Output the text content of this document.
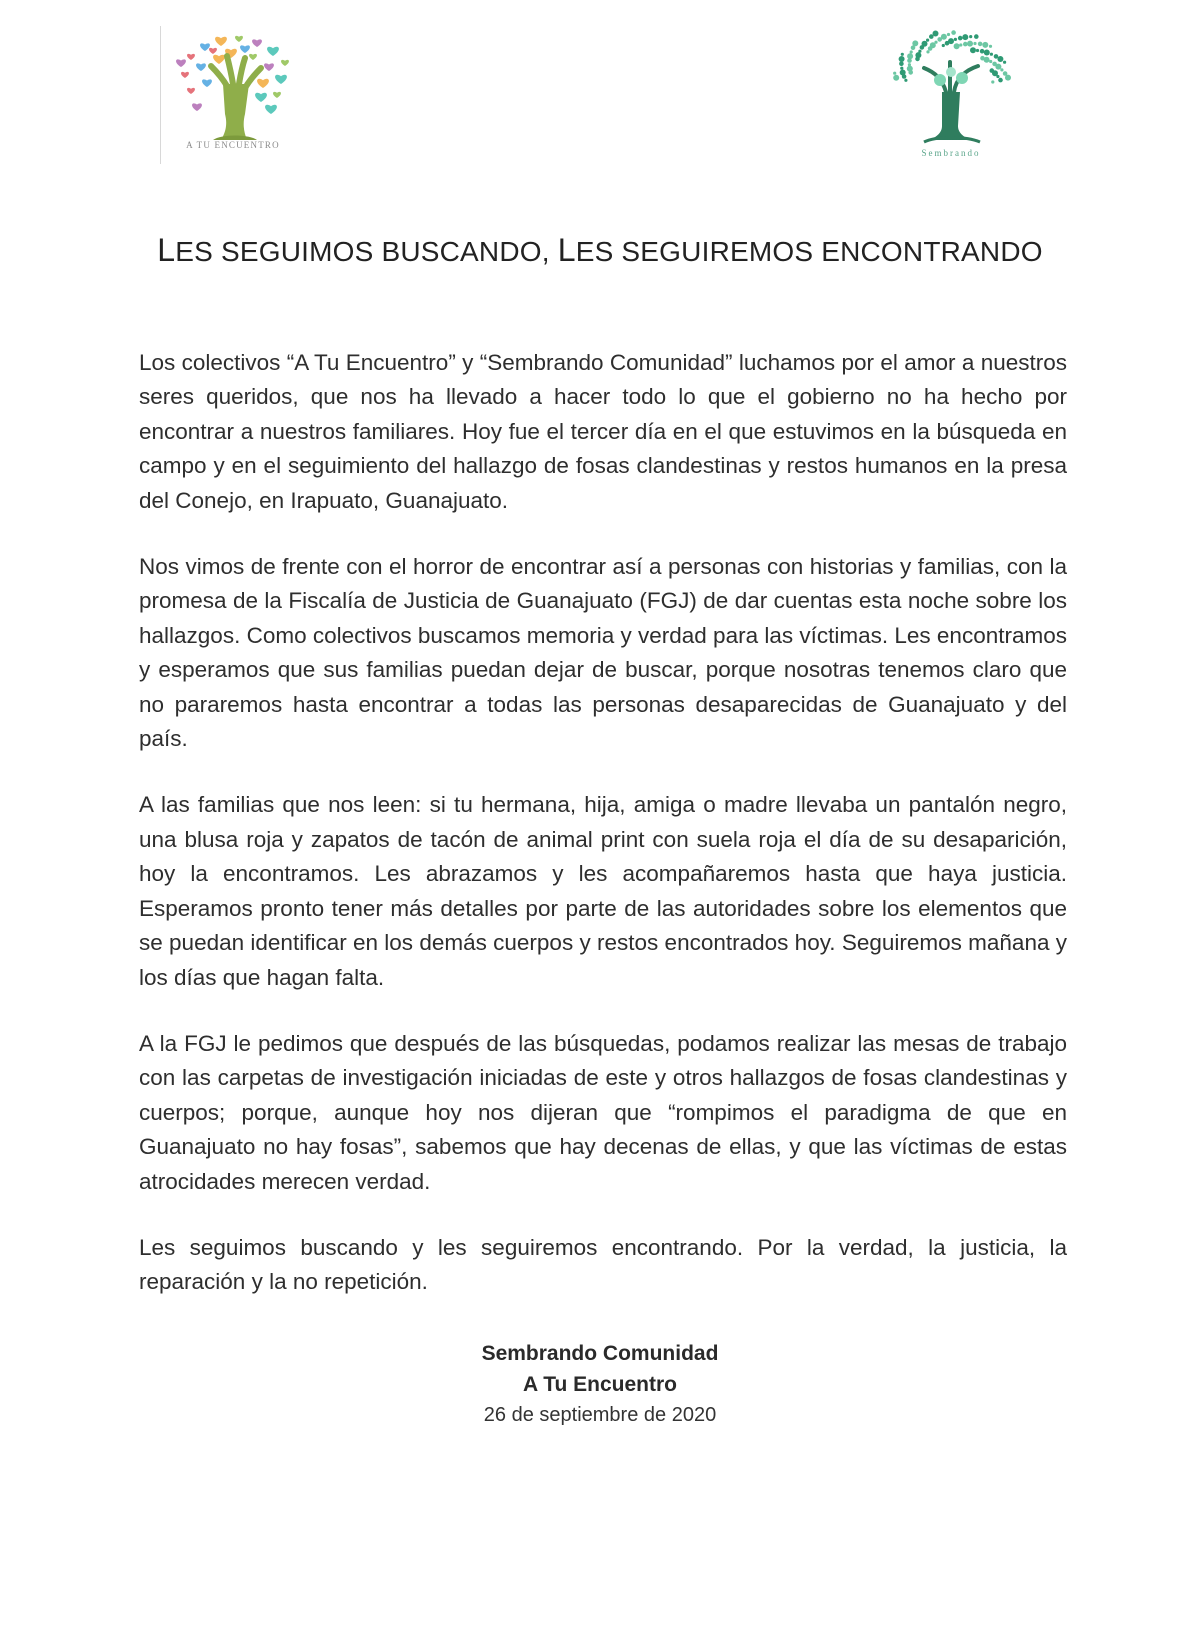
A TU ENCUENTRO
Sembrando
LES SEGUIMOS BUSCANDO, LES SEGUIREMOS ENCONTRANDO

Los colectivos “A Tu Encuentro” y “Sembrando Comunidad” luchamos por el amor a nuestros seres queridos, que nos ha llevado a hacer todo lo que el gobierno no ha hecho por encontrar a nuestros familiares. Hoy fue el tercer día en el que estuvimos en la búsqueda en campo y en el seguimiento del hallazgo de fosas clandestinas y restos humanos en la presa del Conejo, en Irapuato, Guanajuato.

Nos vimos de frente con el horror de encontrar así a personas con historias y familias, con la promesa de la Fiscalía de Justicia de Guanajuato (FGJ) de dar cuentas esta noche sobre los hallazgos. Como colectivos buscamos memoria y verdad para las víctimas. Les encontramos y esperamos que sus familias puedan dejar de buscar, porque nosotras tenemos claro que no pararemos hasta encontrar a todas las personas desaparecidas de Guanajuato y del país.

A las familias que nos leen: si tu hermana, hija, amiga o madre llevaba un pantalón negro, una blusa roja y zapatos de tacón de animal print con suela roja el día de su desaparición, hoy la encontramos. Les abrazamos y les acompañaremos hasta que haya justicia. Esperamos pronto tener más detalles por parte de las autoridades sobre los elementos que se puedan identificar en los demás cuerpos y restos encontrados hoy. Seguiremos mañana y los días que hagan falta.

A la FGJ le pedimos que después de las búsquedas, podamos realizar las mesas de trabajo con las carpetas de investigación iniciadas de este y otros hallazgos de fosas clandestinas y cuerpos; porque, aunque hoy nos dijeran que “rompimos el paradigma de que en Guanajuato no hay fosas”, sabemos que hay decenas de ellas, y que las víctimas de estas atrocidades merecen verdad.

Les seguimos buscando y les seguiremos encontrando. Por la verdad, la justicia, la reparación y la no repetición.

Sembrando Comunidad
A Tu Encuentro
26 de septiembre de 2020
